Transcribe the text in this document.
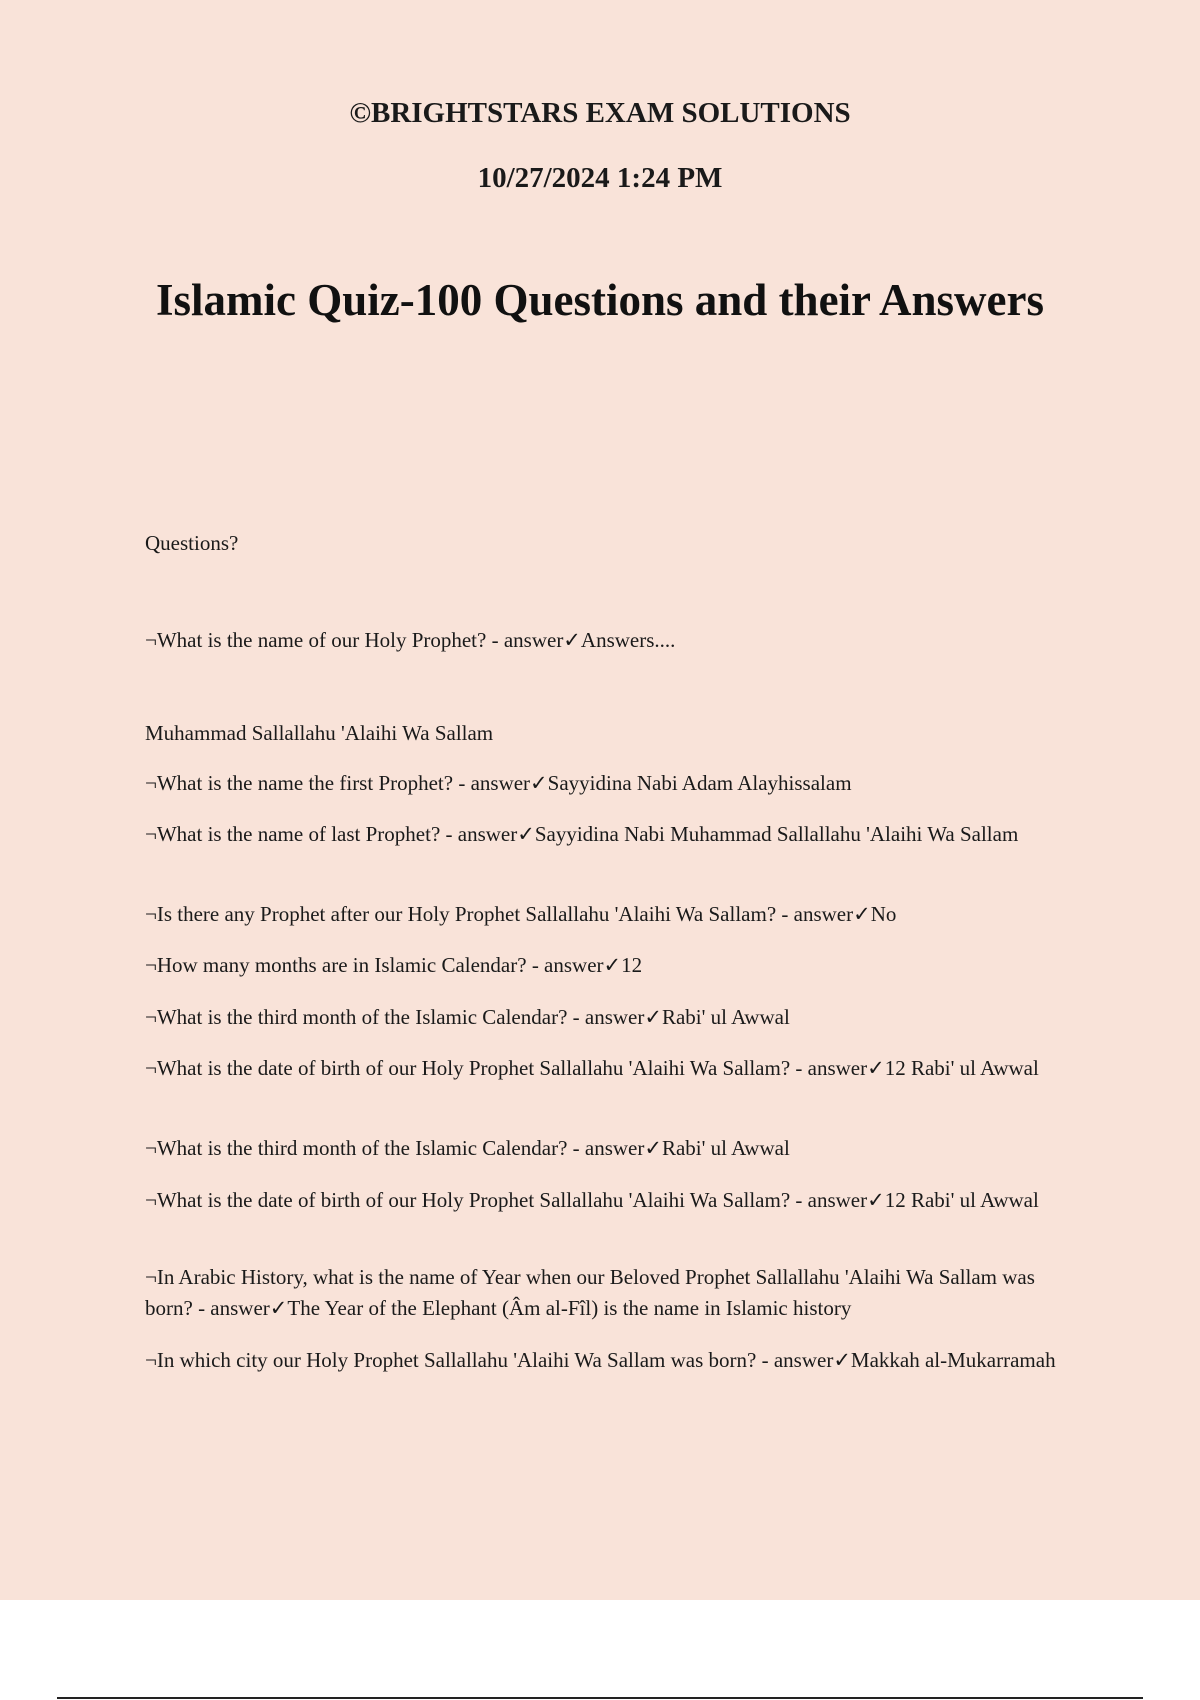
©BRIGHTSTARS EXAM SOLUTIONS
10/27/2024 1:24 PM
Islamic Quiz-100 Questions and their Answers

Questions?

¬What is the name of our Holy Prophet? - answer✓Answers....

Muhammad Sallallahu 'Alaihi Wa Sallam

¬What is the name the first Prophet? - answer✓Sayyidina Nabi Adam Alayhissalam

¬What is the name of last Prophet? - answer✓Sayyidina Nabi Muhammad Sallallahu 'Alaihi Wa Sallam

¬Is there any Prophet after our Holy Prophet Sallallahu 'Alaihi Wa Sallam? - answer✓No

¬How many months are in Islamic Calendar? - answer✓12

¬What is the third month of the Islamic Calendar? - answer✓Rabi' ul Awwal

¬What is the date of birth of our Holy Prophet Sallallahu 'Alaihi Wa Sallam? - answer✓12 Rabi' ul Awwal

¬What is the third month of the Islamic Calendar? - answer✓Rabi' ul Awwal

¬What is the date of birth of our Holy Prophet Sallallahu 'Alaihi Wa Sallam? - answer✓12 Rabi' ul Awwal

¬In Arabic History, what is the name of Year when our Beloved Prophet Sallallahu 'Alaihi Wa Sallam was born? - answer✓The Year of the Elephant (Âm al-Fîl) is the name in Islamic history

¬In which city our Holy Prophet Sallallahu 'Alaihi Wa Sallam was born? - answer✓Makkah al-Mukarramah
